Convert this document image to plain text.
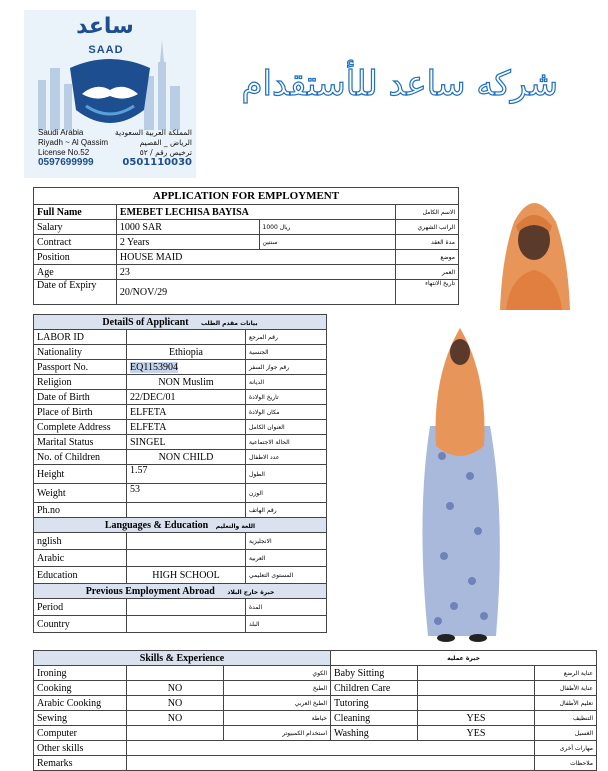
ساعد
SAAD
Saudi Arabia
Riyadh ~ Al Qassim
License No.52
0597699999
المملكة العربية السعودية
الرياض _ القصيم
ترخيص رقم / ٥٢
0501110030
شركه ساعد للأستقدام
APPLICATION FOR EMPLOYMENT			
Full Name	EMEBET LECHISA BAYISA		الاسم الكامل
Salary	1000 SAR	1000 ريال	الراتب الشهري
Contract	2 Years	سنتين	مدة العقد
Position	HOUSE MAID		موضع
Age	23		العمر
Date of Expiry	20/NOV/29		تاريخ الانتهاء
DetailS of Applicant بيانات مقدم الطلب		
LABOR ID		رقم المرجع
Nationality	Ethiopia	الجنسية
Passport No.	EQ1153904	رقم جواز السفر
Religion	NON Muslim	الديانة
Date of Birth	22/DEC/01	تاريخ الولادة
Place of Birth	ELFETA	مكان الولادة
Complete Address	ELFETA	العنوان الكامل
Marital Status	SINGEL	الحالة الاجتماعية
No. of Children	NON CHILD	عدد الاطفال
Height	1.57	الطول
Weight	53	الوزن
Ph.no		رقم الهاتف
Languages & Education اللغة والتعليم		
nglish		الانجليزية
Arabic		العربية
Education	HIGH SCHOOL	المستوى التعليمي
Previous Employment Abroad خبرة خارج البلاد		
Period		المدة
Country		البلد
Skills & Experience			خبرة عملية		
Ironing		الكوي	Baby Sitting		عناية الرضع
Cooking	NO	الطبخ	Children Care		عناية الأطفال
Arabic Cooking	NO	الطبخ العربي	Tutoring		تعليم الأطفال
Sewing	NO	خياطة	Cleaning	YES	التنظيف
Computer		استخدام الكمبيوتر	Washing	YES	الغسيل
Other skills					مهارات أخرى
Remarks					ملاحظات
